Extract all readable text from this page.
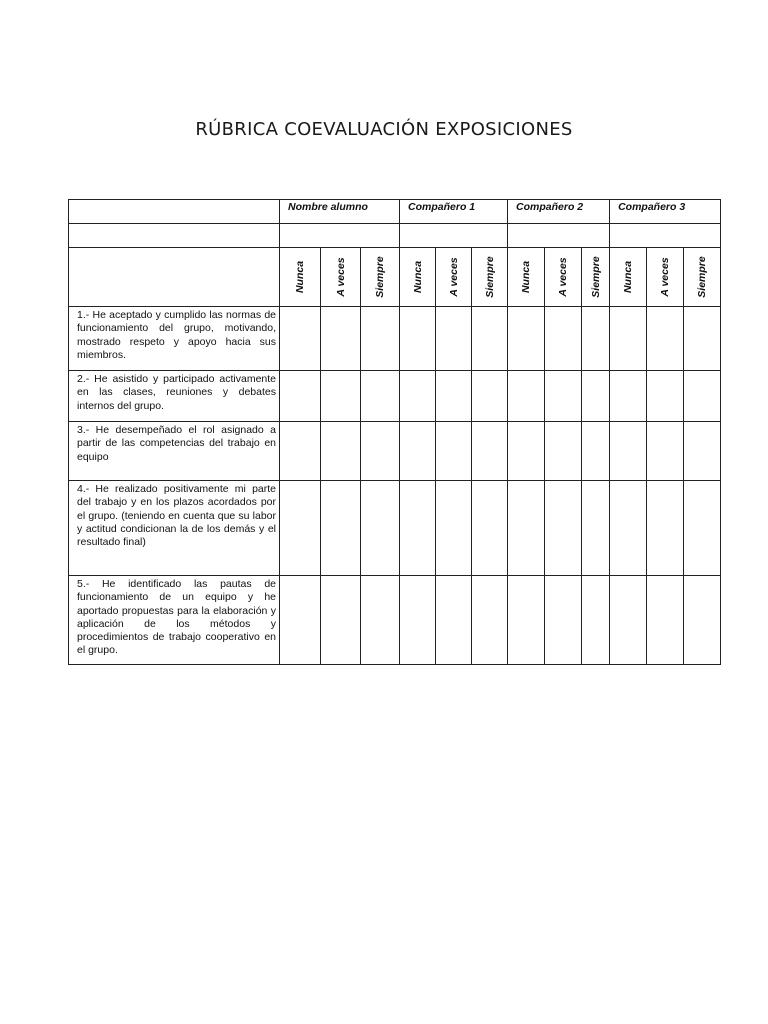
RÚBRICA COEVALUACIÓN EXPOSICIONES
	Nombre alumno			Compañero 1			Compañero 2			Compañero 3		

	Nunca	A veces	Siempre	Nunca	A veces	Siempre	Nunca	A veces	Siempre	Nunca	A veces	Siempre

1.- He aceptado y cumplido las normas de funcionamiento del grupo, motivando, mostrado respeto y apoyo hacia sus miembros.												
2.- He asistido y participado activamente en las clases, reuniones y debates internos del grupo.												
3.- He desempeñado el rol asignado a partir de las competencias del trabajo en equipo												
4.- He realizado positivamente mi parte del trabajo y en los plazos acordados por el grupo. (teniendo en cuenta que su labor y actitud condicionan la de los demás y el resultado final)												
5.- He identificado las pautas de funcionamiento de un equipo y he aportado propuestas para la elaboración y aplicación de los métodos y procedimientos de trabajo cooperativo en el grupo.												
